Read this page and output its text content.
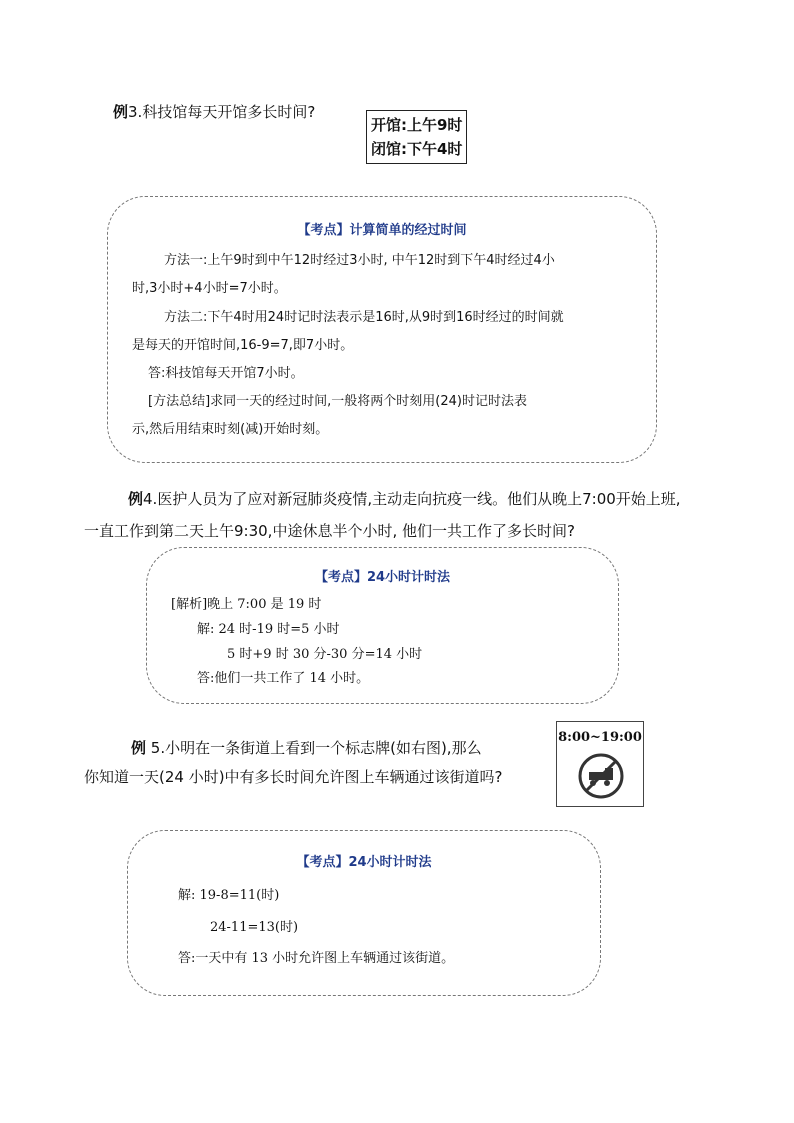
例3.科技馆每天开馆多长时间?
开馆:上午9时
闭馆:下午4时
【考点】计算简单的经过时间
方法一:上午9时到中午12时经过3小时, 中午12时到下午4时经过4小
时,3小时+4小时=7小时。
方法二:下午4时用24时记时法表示是16时,从9时到16时经过的时间就
是每天的开馆时间,16-9=7,即7小时。
答:科技馆每天开馆7小时。
[方法总结]求同一天的经过时间,一般将两个时刻用(24)时记时法表
示,然后用结束时刻(减)开始时刻。
例4.医护人员为了应对新冠肺炎疫情,主动走向抗疫一线。他们从晚上7:00开始上班,
一直工作到第二天上午9:30,中途休息半个小时, 他们一共工作了多长时间?
【考点】24小时计时法
[解析]晚上 7:00 是 19 时
解: 24 时-19 时=5 小时
5 时+9 时 30 分-30 分=14 小时
答:他们一共工作了 14 小时。
例 5.小明在一条街道上看到一个标志牌(如右图),那么
你知道一天(24 小时)中有多长时间允许图上车辆通过该街道吗?
8:00~19:00
【考点】24小时计时法
解: 19-8=11(时)
24-11=13(时)
答:一天中有 13 小时允许图上车辆通过该街道。
